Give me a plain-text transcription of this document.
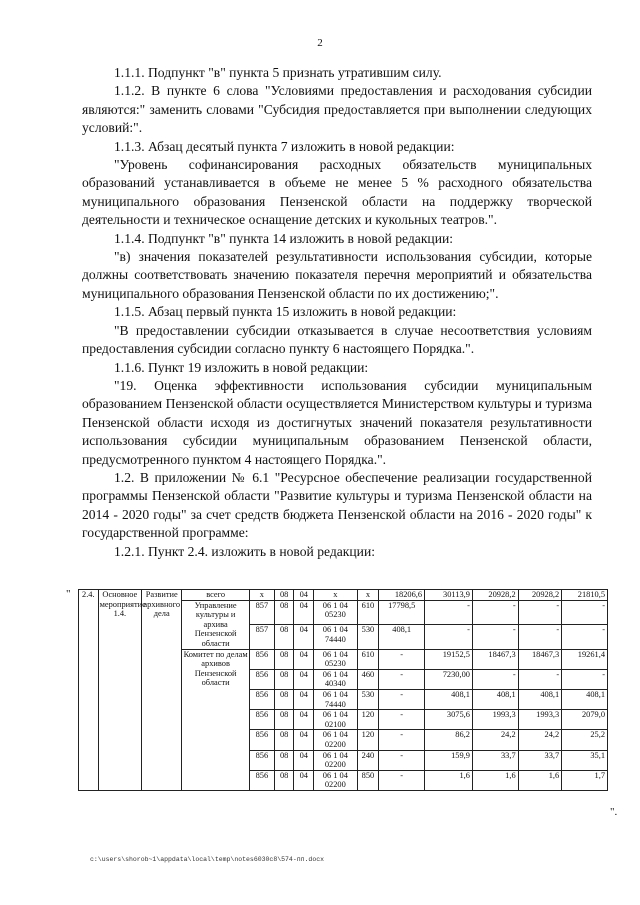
2

1.1.1. Подпункт "в" пункта 5 признать утратившим силу.

1.1.2. В пункте 6 слова "Условиями предоставления и расходования субсидии являются:" заменить словами "Субсидия предоставляется при выполнении следующих условий:".

1.1.3. Абзац десятый пункта 7 изложить в новой редакции:

"Уровень софинансирования расходных обязательств муниципальных образований устанавливается в объеме не менее 5 % расходного обязательства муниципального образования Пензенской области на поддержку творческой деятельности и техническое оснащение детских и кукольных театров.".

1.1.4. Подпункт "в" пункта 14 изложить в новой редакции:

"в) значения показателей результативности использования субсидии, которые должны соответствовать значению показателя перечня мероприятий и обязательства муниципального образования Пензенской области по их достижению;".

1.1.5. Абзац первый пункта 15 изложить в новой редакции:

"В предоставлении субсидии отказывается в случае несоответствия условиям предоставления субсидии согласно пункту 6 настоящего Порядка.".

1.1.6. Пункт 19 изложить в новой редакции:

"19. Оценка эффективности использования субсидии муниципальным образованием Пензенской области осуществляется Министерством культуры и туризма Пензенской области исходя из достигнутых значений показателя результативности использования субсидии муниципальным образованием Пензенской области, предусмотренного пунктом 4 настоящего Порядка.".

1.2. В приложении № 6.1 "Ресурсное обеспечение реализации государственной программы Пензенской области "Развитие культуры и туризма Пензенской области на 2014 - 2020 годы" за счет средств бюджета Пензенской области на 2016 - 2020 годы" к государственной программе:

1.2.1. Пункт 2.4. изложить в новой редакции:

" 2.4.	Основное мероприятие 1.4.	Развитие архивного дела	всего	х	08	04	х	х	18206,6	30113,9	20928,2	20928,2	21810,5
			Управление культуры и архива Пензенской области	857	08	04	06 1 04 05230	610	17798,5	-	-	-	-
				857	08	04	06 1 04 74440	530	408,1	-	-	-	-
			Комитет по делам архивов Пензенской области	856	08	04	06 1 04 05230	610	-	19152,5	18467,3	18467,3	19261,4
				856	08	04	06 1 04 40340	460	-	7230,00	-	-	-
				856	08	04	06 1 04 74440	530	-	408,1	408,1	408,1	408,1
				856	08	04	06 1 04 02100	120	-	3075,6	1993,3	1993,3	2079,0
				856	08	04	06 1 04 02200	120	-	86,2	24,2	24,2	25,2
				856	08	04	06 1 04 02200	240	-	159,9	33,7	33,7	35,1
				856	08	04	06 1 04 02200	850	-	1,6	1,6	1,6	1,7
".
c:\users\shorob~1\appdata\local\temp\notes6030c8\574-пп.docx
